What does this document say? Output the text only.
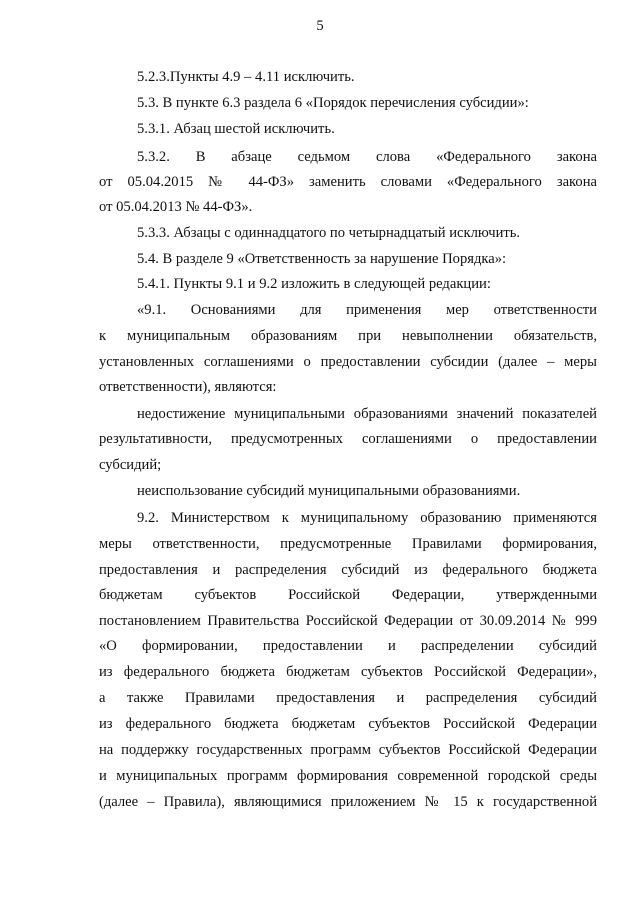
5
5.2.3.Пункты 4.9 – 4.11 исключить.
5.3. В пункте 6.3 раздела 6 «Порядок перечисления субсидии»:
5.3.1. Абзац шестой исключить.
5.3.2. В абзаце седьмом слова «Федерального закона
от 05.04.2015 № 44-ФЗ» заменить словами «Федерального закона
от 05.04.2013 № 44-ФЗ».
5.3.3. Абзацы с одиннадцатого по четырнадцатый исключить.
5.4. В разделе 9 «Ответственность за нарушение Порядка»:
5.4.1. Пункты 9.1 и 9.2 изложить в следующей редакции:
«9.1. Основаниями для применения мер ответственности
к муниципальным образованиям при невыполнении обязательств,
установленных соглашениями о предоставлении субсидии (далее – меры
ответственности), являются:
недостижение муниципальными образованиями значений показателей
результативности, предусмотренных соглашениями о предоставлении
субсидий;
неиспользование субсидий муниципальными образованиями.
9.2. Министерством к муниципальному образованию применяются
меры ответственности, предусмотренные Правилами формирования,
предоставления и распределения субсидий из федерального бюджета
бюджетам субъектов Российской Федерации, утвержденными
постановлением Правительства Российской Федерации от 30.09.2014 № 999
«О формировании, предоставлении и распределении субсидий
из федерального бюджета бюджетам субъектов Российской Федерации»,
а также Правилами предоставления и распределения субсидий
из федерального бюджета бюджетам субъектов Российской Федерации
на поддержку государственных программ субъектов Российской Федерации
и муниципальных программ формирования современной городской среды
(далее – Правила), являющимися приложением № 15 к государственной
